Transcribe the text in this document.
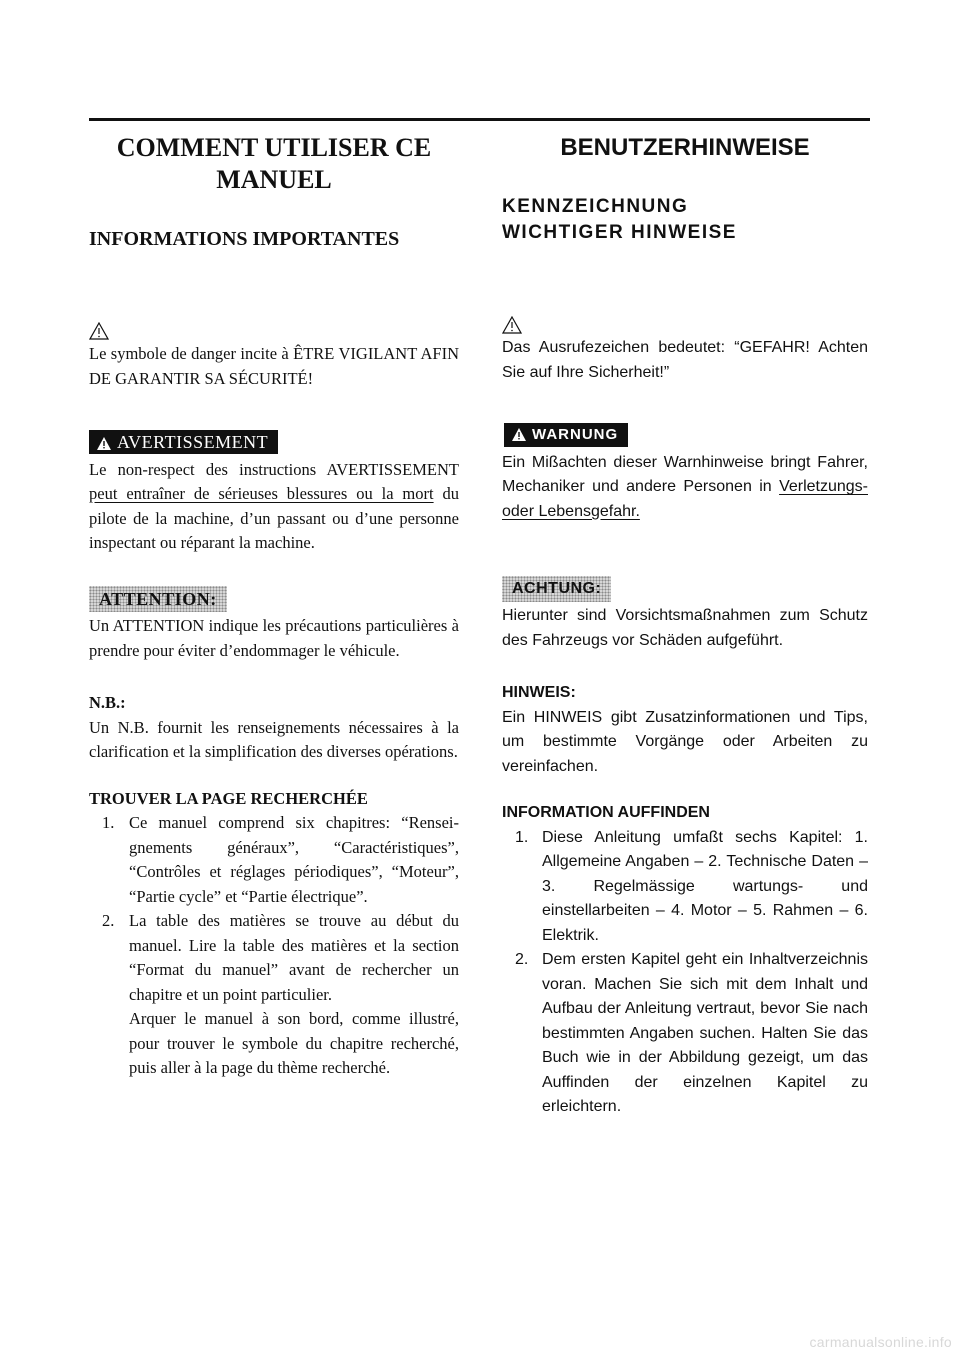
COMMENT UTILISER CE MANUEL
INFORMATIONS IMPORTANTES

Le symbole de danger incite à ÊTRE VIGILANT AFIN DE GARANTIR SA SÉCURITÉ!

AVERTISSEMENT

Le non-respect des instructions AVERTISSEMENT peut entraîner de sérieuses blessures ou la mort du pilote de la machine, d’un passant ou d’une personne inspectant ou réparant la machine.

ATTENTION:

Un ATTENTION indique les précautions particulières à prendre pour éviter d’endommager le véhicule.

N.B.:

Un N.B. fournit les renseignements nécessaires à la clarification et la simplification des diverses opérations.

TROUVER LA PAGE RECHERCHÉE

1. Ce manuel comprend six chapitres: “Renseignements généraux”, “Caractéristiques”, “Contrôles et réglages périodiques”, “Moteur”, “Partie cycle” et “Partie électrique”.
2. La table des matières se trouve au début du manuel. Lire la table des matières et la section “Format du manuel” avant de rechercher un chapitre et un point particulier.

Arquer le manuel à son bord, comme illustré, pour trouver le symbole du chapitre recherché, puis aller à la page du thème recherché.

BENUTZERHINWEISE
KENNZEICHNUNG WICHTIGER HINWEISE

Das Ausrufezeichen bedeutet: “GEFAHR! Achten Sie auf Ihre Sicherheit!”

WARNUNG

Ein Mißachten dieser Warnhinweise bringt Fahrer, Mechaniker und andere Personen in Verletzungs- oder Lebensgefahr.

ACHTUNG:

Hierunter sind Vorsichtsmaßnahmen zum Schutz des Fahrzeugs vor Schäden aufgeführt.

HINWEIS:

Ein HINWEIS gibt Zusatzinformationen und Tips, um bestimmte Vorgänge oder Arbeiten zu vereinfachen.

INFORMATION AUFFINDEN

1. Diese Anleitung umfaßt sechs Kapitel: 1. Allgemeine Angaben – 2. Technische Daten – 3. Regelmässige wartungs- und einstellarbeiten – 4. Motor – 5. Rahmen – 6. Elektrik.
2. Dem ersten Kapitel geht ein Inhaltverzeichnis voran. Machen Sie sich mit dem Inhalt und Aufbau der Anleitung vertraut, bevor Sie nach bestimmten Angaben suchen. Halten Sie das Buch wie in der Abbildung gezeigt, um das Auffinden der einzelnen Kapitel zu erleichtern.
carmanualsonline.info
